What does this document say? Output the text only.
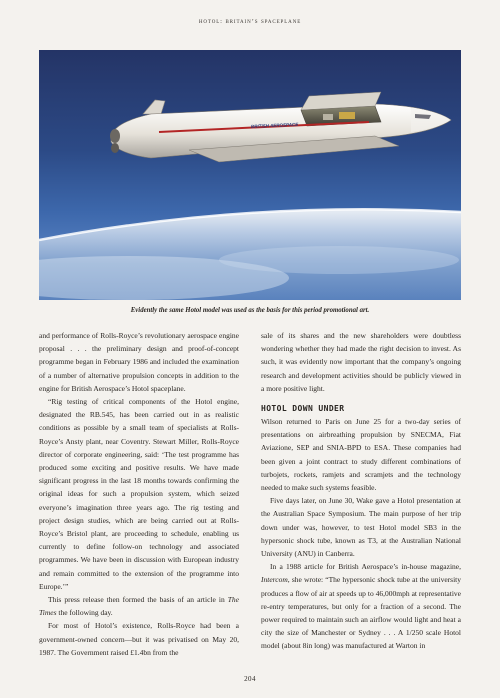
hotol: britain’s spaceplane
BRITISH AEROSPACE
Evidently the same Hotol model was used as the basis for this period promotional art.

and performance of Rolls-Royce’s revolutionary aerospace engine proposal . . . the preliminary design and proof-of-concept programme began in February 1986 and included the examination of a number of alternative propulsion concepts in addition to the engine for British Aerospace’s Hotol spaceplane.

“Rig testing of critical components of the Hotol engine, designated the RB.545, has been carried out in as realistic conditions as possible by a small team of specialists at Rolls-Royce’s Ansty plant, near Coventry. Stewart Miller, Rolls-Royce director of corporate engineering, said: ‘The test programme has produced some exciting and positive results. We have made significant progress in the last 18 months towards confirming the original ideas for such a propulsion system, which seized everyone’s imagination three years ago. The rig testing and project design studies, which are being carried out at Rolls-Royce’s Bristol plant, are proceeding to schedule, enabling us currently to define follow-on technology and associated programmes. We have been in discussion with European industry and remain committed to the extension of the programme into Europe.’”

This press release then formed the basis of an article in The Times the following day.

For most of Hotol’s existence, Rolls-Royce had been a government-owned concern—but it was privatised on May 20, 1987. The Government raised £1.4bn from the

sale of its shares and the new shareholders were doubtless wondering whether they had made the right decision to invest. As such, it was evidently now important that the company’s ongoing research and development activities should be publicly viewed in a more positive light.

HOTOL DOWN UNDER

Wilson returned to Paris on June 25 for a two-day series of presentations on airbreathing propulsion by SNECMA, Fiat Aviazione, SEP and SNIA-BPD to ESA. These companies had been given a joint contract to study different combinations of turbojets, rockets, ramjets and scramjets and the technology needed to make such systems feasible.

Five days later, on June 30, Wake gave a Hotol presentation at the Australian Space Symposium. The main purpose of her trip down under was, however, to test Hotol model SB3 in the hypersonic shock tube, known as T3, at the Australian National University (ANU) in Canberra.

In a 1988 article for British Aerospace’s in-house magazine, Intercom, she wrote: “The hypersonic shock tube at the university produces a flow of air at speeds up to 46,000mph at representative re-entry temperatures, but only for a fraction of a second. The power required to maintain such an airflow would light and heat a city the size of Manchester or Sydney . . . A 1/250 scale Hotol model (about 8in long) was manufactured at Warton in

204
